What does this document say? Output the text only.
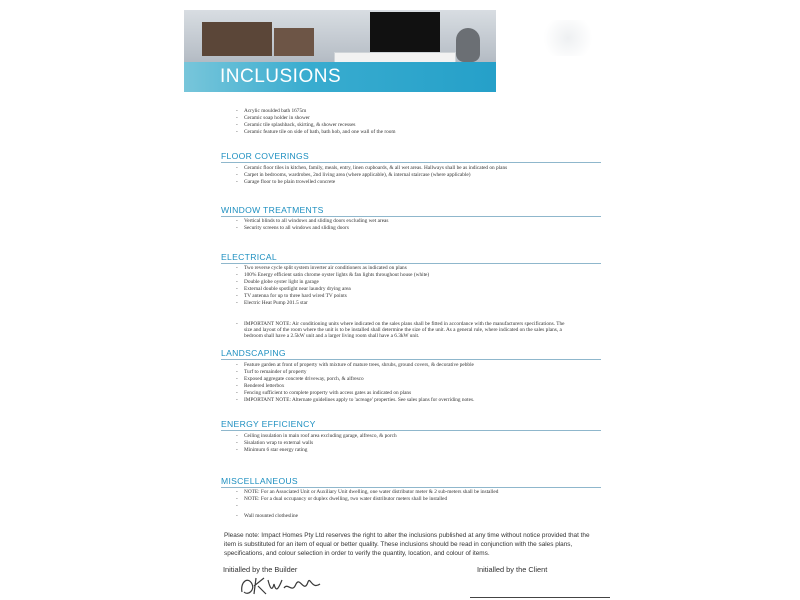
INCLUSIONS
- Acrylic moulded bath 1675m
- Ceramic soap holder in shower
- Ceramic tile splashback, skirting, & shower recesses
- Ceramic feature tile on side of bath, bath hob, and one wall of the room
FLOOR COVERINGS
- Ceramic floor tiles in kitchen, family, meals, entry, linen cupboards, & all wet areas. Hallways shall be as indicated on plans
- Carpet in bedrooms, wardrobes, 2nd living area (where applicable), & internal staircase (where applicable)
- Garage floor to be plain trowelled concrete
WINDOW TREATMENTS
- Vertical blinds to all windows and sliding doors excluding wet areas
- Security screens to all windows and sliding doors
ELECTRICAL
- Two reverse cycle split system inverter air conditioners as indicated on plans
- 100% Energy efficient satin chrome oyster lights & fan lights throughout house (white)
- Double globe oyster light in garage
- External double spotlight near laundry drying area
- TV antenna for up to three hard wired TV points
- Electric Heat Pump 201.5 star
- IMPORTANT NOTE: Air conditioning units where indicated on the sales plans shall be fitted in accordance with the manufacturers specifications. The
size and layout of the room where the unit is to be installed shall determine the size of the unit. As a general rule, where indicated on the sales plans, a
bedroom shall have a 2.5kW unit and a larger living room shall have a 6.3kW unit.
LANDSCAPING
- Feature garden at front of property with mixture of mature trees, shrubs, ground covers, & decorative pebble
- Turf to remainder of property
- Exposed aggregate concrete driveway, porch, & alfresco
- Rendered letterbox
- Fencing sufficient to complete property with access gates as indicated on plans
- IMPORTANT NOTE: Alternate guidelines apply to 'acreage' properties. See sales plans for overriding notes.
ENERGY EFFICIENCY
- Ceiling insulation in main roof area excluding garage, alfresco, & porch
- Sisalation wrap to external walls
- Minimum 6 star energy rating
MISCELLANEOUS
- NOTE: For an Associated Unit or Auxiliary Unit dwelling, one water distributor meter & 2 sub-meters shall be installed
- NOTE: For a dual occupancy or duplex dwelling, two water distributor meters shall be installed
-
- Wall mounted clothesline
Please note: Impact Homes Pty Ltd reserves the right to alter the inclusions published at any time without notice provided that the
item is substituted for an item of equal or better quality. These inclusions should be read in conjunction with the sales plans,
specifications, and colour selection in order to verify the quantity, location, and colour of items.
Initialled by the Builder	Initialled by the Client
